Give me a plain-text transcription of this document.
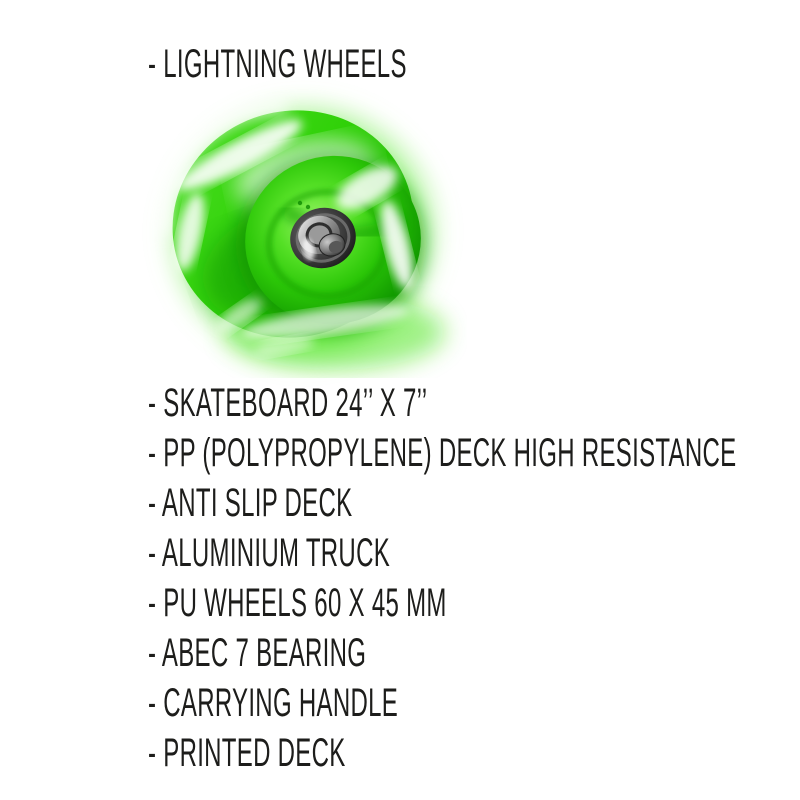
- LIGHTNING WHEELS
- SKATEBOARD 24’’ X 7’’
- PP (POLYPROPYLENE) DECK HIGH RESISTANCE
- ANTI SLIP DECK
- ALUMINIUM TRUCK
- PU WHEELS 60 X 45 MM
- ABEC 7 BEARING
- CARRYING HANDLE
- PRINTED DECK
